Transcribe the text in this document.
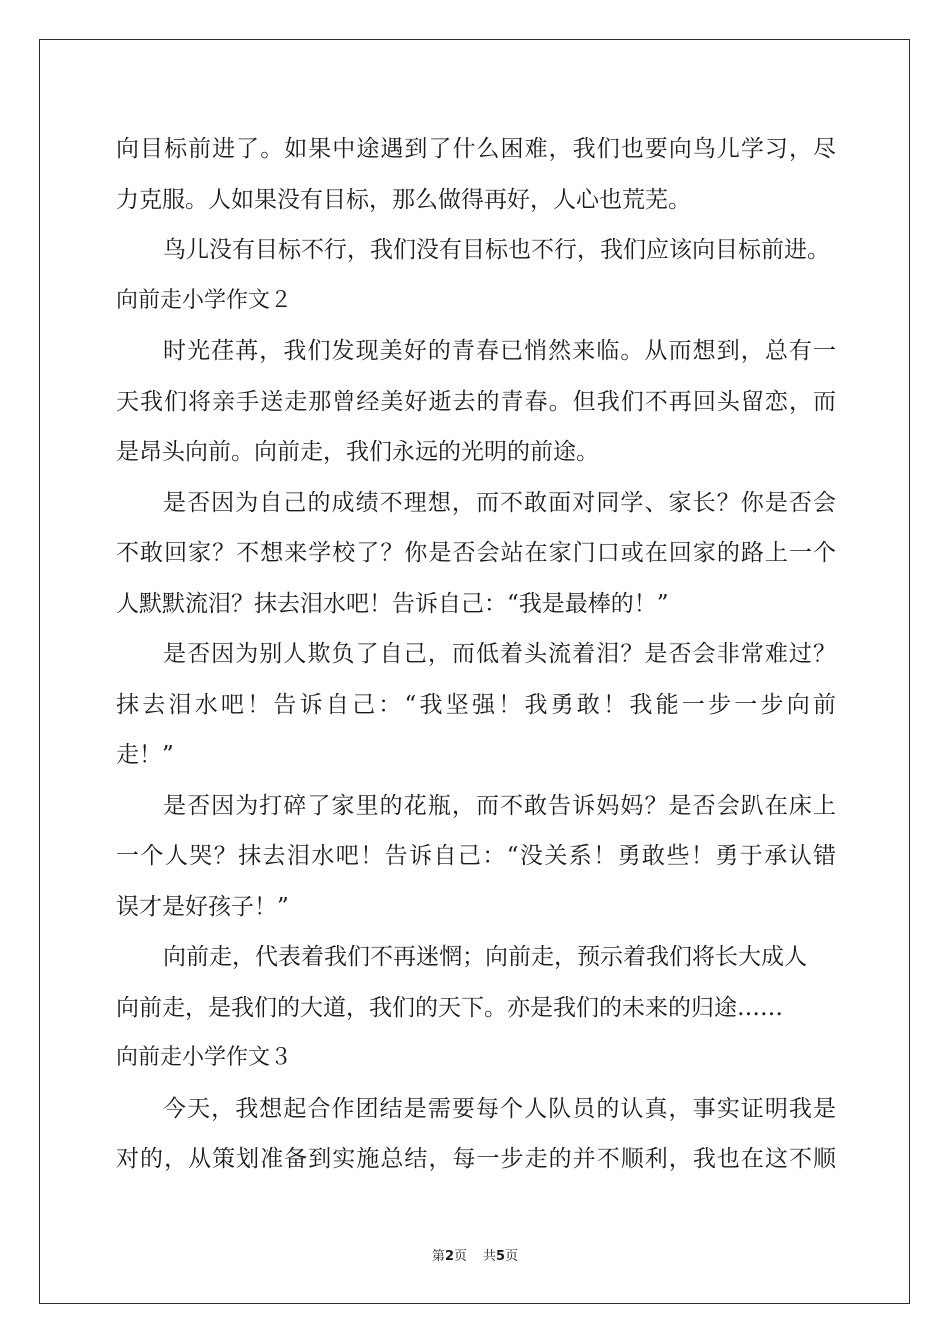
向目标前进了。如果中途遇到了什么困难，我们也要向鸟儿学习，尽
力克服。人如果没有目标，那么做得再好，人心也荒芜。
鸟儿没有目标不行，我们没有目标也不行，我们应该向目标前进。
向前走小学作文２
时光荏苒，我们发现美好的青春已悄然来临。从而想到，总有一
天我们将亲手送走那曾经美好逝去的青春。但我们不再回头留恋，而
是昂头向前。向前走，我们永远的光明的前途。
是否因为自己的成绩不理想，而不敢面对同学、家长？你是否会
不敢回家？不想来学校了？你是否会站在家门口或在回家的路上一个
人默默流泪？抹去泪水吧！告诉自己：“我是最棒的！”
是否因为别人欺负了自己，而低着头流着泪？是否会非常难过？
抹去泪水吧！告诉自己：“我坚强！我勇敢！我能一步一步向前
走！”
是否因为打碎了家里的花瓶，而不敢告诉妈妈？是否会趴在床上
一个人哭？抹去泪水吧！告诉自己：“没关系！勇敢些！勇于承认错
误才是好孩子！”
向前走，代表着我们不再迷惘；向前走，预示着我们将长大成人
向前走，是我们的大道，我们的天下。亦是我们的未来的归途……
向前走小学作文３
今天，我想起合作团结是需要每个人队员的认真，事实证明我是
对的，从策划准备到实施总结，每一步走的并不顺利，我也在这不顺
第2页 共5页
